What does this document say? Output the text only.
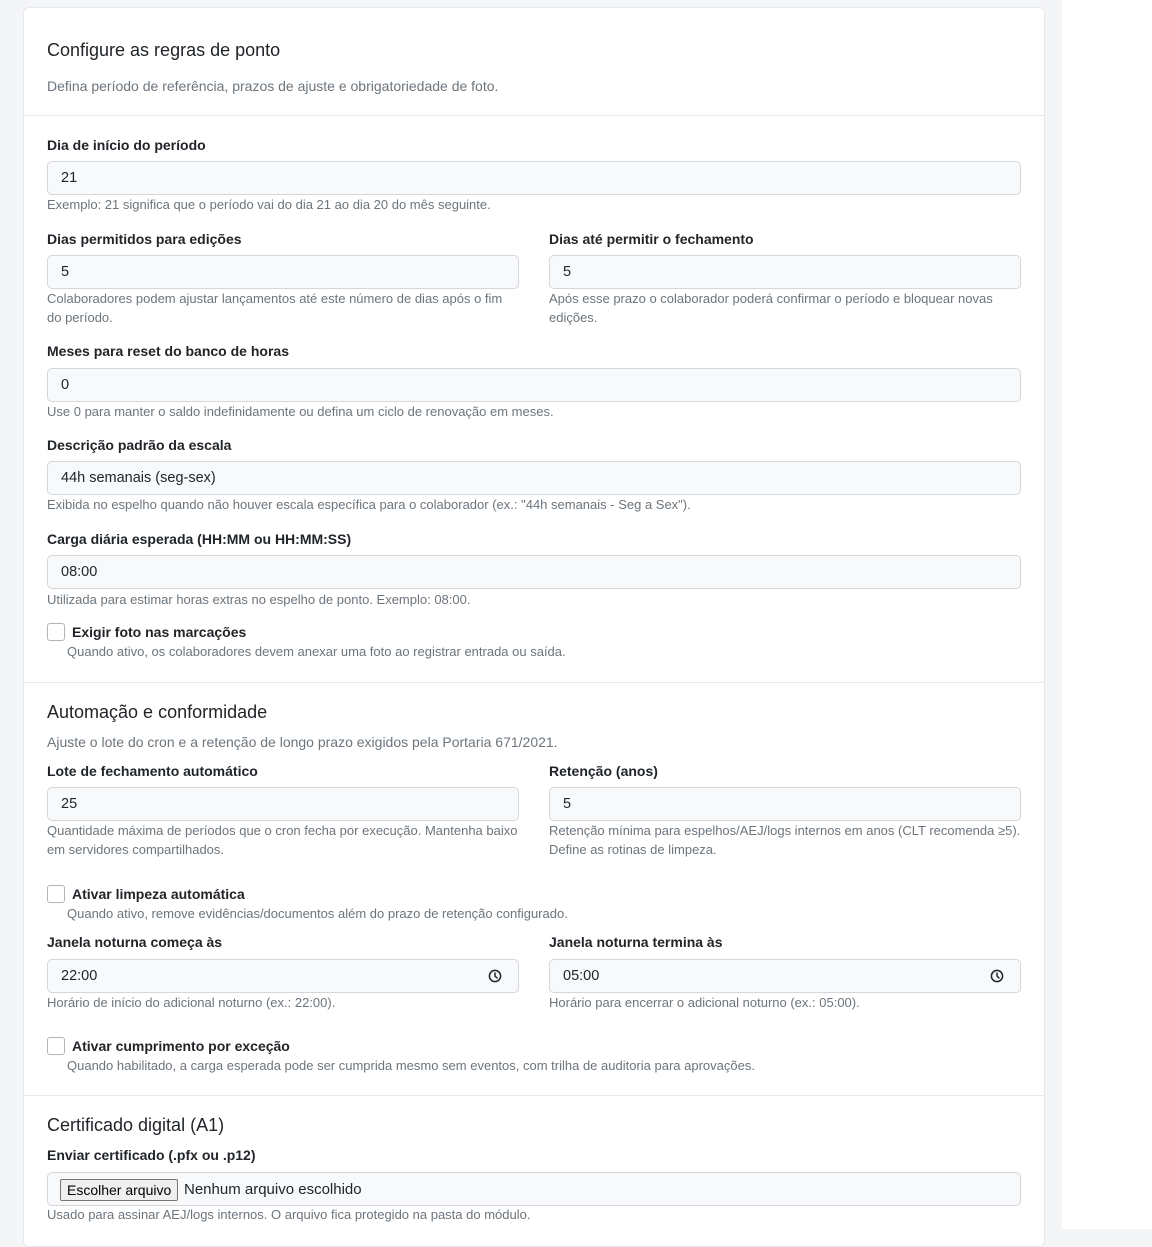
Configure as regras de ponto
Defina período de referência, prazos de ajuste e obrigatoriedade de foto.
Dia de início do período
21
Exemplo: 21 significa que o período vai do dia 21 ao dia 20 do mês seguinte.
Dias permitidos para edições
5
Colaboradores podem ajustar lançamentos até este número de dias após o fim do período.
Dias até permitir o fechamento
5
Após esse prazo o colaborador poderá confirmar o período e bloquear novas edições.
Meses para reset do banco de horas
0
Use 0 para manter o saldo indefinidamente ou defina um ciclo de renovação em meses.
Descrição padrão da escala
44h semanais (seg-sex)
Exibida no espelho quando não houver escala específica para o colaborador (ex.: "44h semanais - Seg a Sex").
Carga diária esperada (HH:MM ou HH:MM:SS)
08:00
Utilizada para estimar horas extras no espelho de ponto. Exemplo: 08:00.
Exigir foto nas marcações
Quando ativo, os colaboradores devem anexar uma foto ao registrar entrada ou saída.
Automação e conformidade
Ajuste o lote do cron e a retenção de longo prazo exigidos pela Portaria 671/2021.
Lote de fechamento automático
25
Quantidade máxima de períodos que o cron fecha por execução. Mantenha baixo em servidores compartilhados.
Retenção (anos)
5
Retenção mínima para espelhos/AEJ/logs internos em anos (CLT recomenda ≥5). Define as rotinas de limpeza.
Ativar limpeza automática
Quando ativo, remove evidências/documentos além do prazo de retenção configurado.
Janela noturna começa às
22:00
Horário de início do adicional noturno (ex.: 22:00).
Janela noturna termina às
05:00
Horário para encerrar o adicional noturno (ex.: 05:00).
Ativar cumprimento por exceção
Quando habilitado, a carga esperada pode ser cumprida mesmo sem eventos, com trilha de auditoria para aprovações.
Certificado digital (A1)
Enviar certificado (.pfx ou .p12)
Escolher arquivo Nenhum arquivo escolhido
Usado para assinar AEJ/logs internos. O arquivo fica protegido na pasta do módulo.
